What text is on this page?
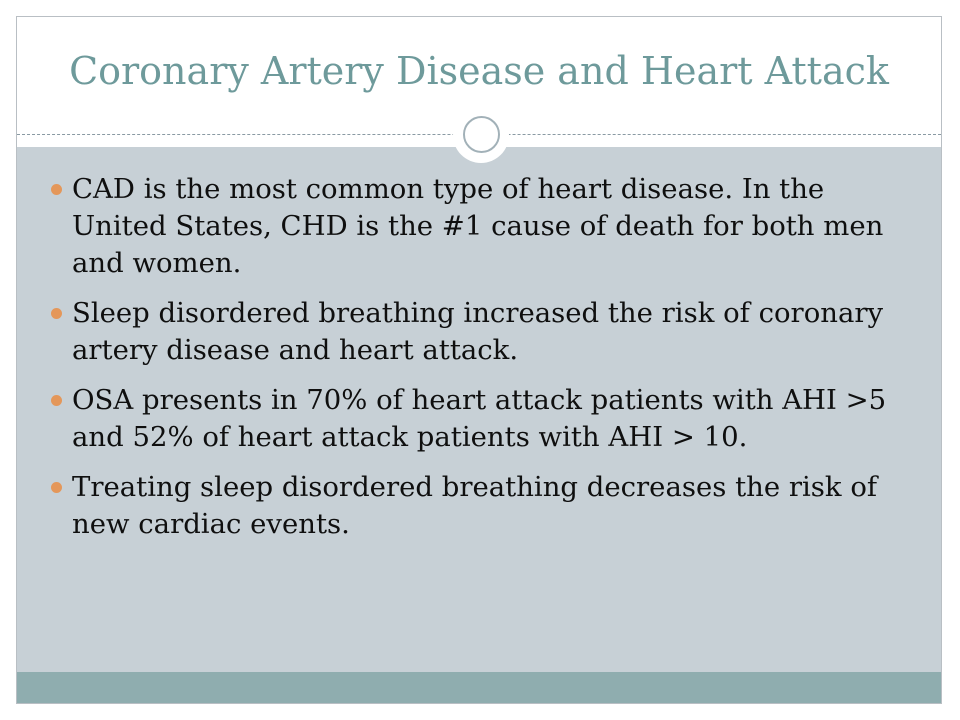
Coronary Artery Disease and Heart Attack
CAD is the most common type of heart disease. In the United States, CHD is the #1 cause of death for both men and women.
Sleep disordered breathing increased the risk of coronary artery disease and heart attack.
OSA presents in 70% of heart attack patients with AHI >5 and 52% of heart attack patients with AHI > 10.
Treating sleep disordered breathing decreases the risk of new cardiac events.
